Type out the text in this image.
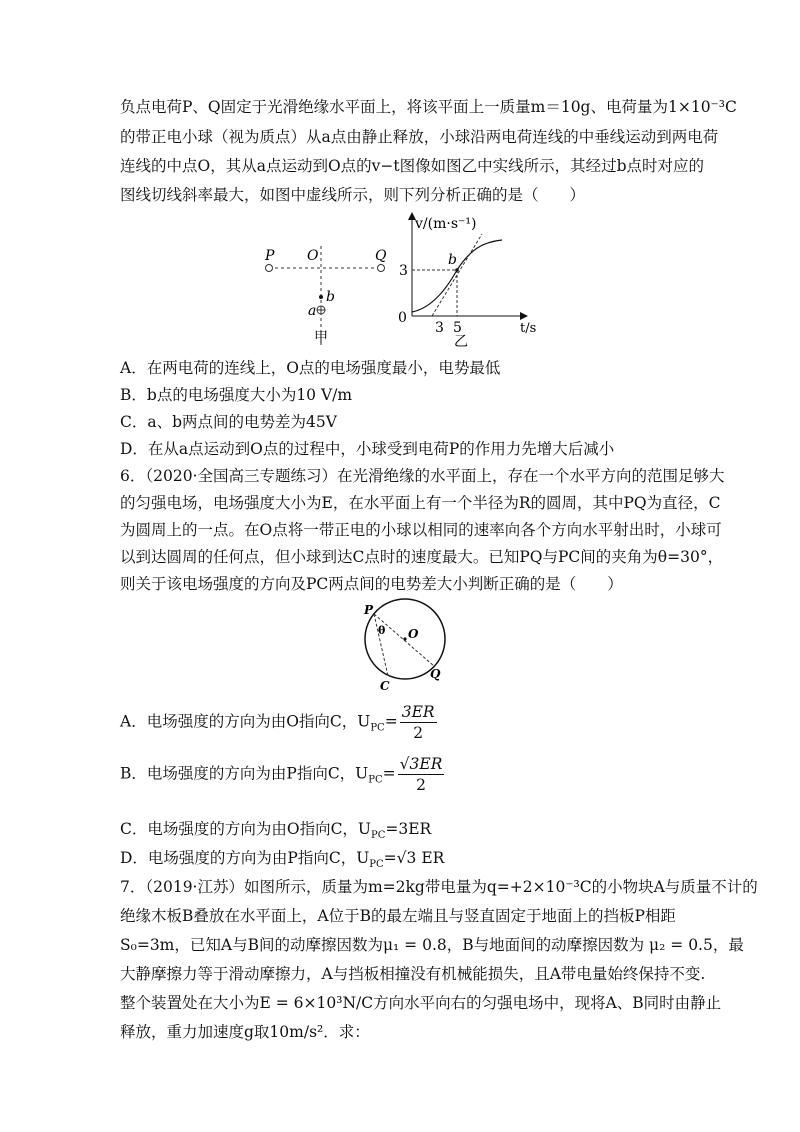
负点电荷P、Q固定于光滑绝缘水平面上，将该平面上一质量m＝10g、电荷量为1×10⁻³C
的带正电小球（视为质点）从a点由静止释放，小球沿两电荷连线的中垂线运动到两电荷
连线的中点O，其从a点运动到O点的v−t图像如图乙中实线所示，其经过b点时对应的
图线切线斜率最大，如图中虚线所示，则下列分析正确的是（　　）
P O	Q
b
a
甲
v/(m·s⁻¹)
t/s
3
0
3 5
b
乙
A．在两电荷的连线上，O点的电场强度最小，电势最低
B．b点的电场强度大小为10 V/m
C．a、b两点间的电势差为45V
D．在从a点运动到O点的过程中，小球受到电荷P的作用力先增大后减小
6．（2020·全国高三专题练习）在光滑绝缘的水平面上，存在一个水平方向的范围足够大
的匀强电场，电场强度大小为E，在水平面上有一个半径为R的圆周，其中PQ为直径，C
为圆周上的一点。在O点将一带正电的小球以相同的速率向各个方向水平射出时，小球可
以到达圆周的任何点，但小球到达C点时的速度最大。已知PQ与PC间的夹角为θ=30°，
则关于该电场强度的方向及PC两点间的电势差大小判断正确的是（　　）
P
θ O
Q
C
A．电场强度的方向为由O指向C，$U_{PC}= \frac{3ER}{2}$
B．电场强度的方向为由P指向C，$U_{PC}= \frac{√3ER}{2}$
C．电场强度的方向为由O指向C，$U_{PC}=3ER$
D．电场强度的方向为由P指向C，$U_{PC}=√3$ ER
7．（2019·江苏）如图所示，质量为m=2kg带电量为q=+2×10⁻³C的小物块A与质量不计的
绝缘木板B叠放在水平面上，A位于B的最左端且与竖直固定于地面上的挡板P相距
S₀=3m，已知A与B间的动摩擦因数为μ₁ = 0.8，B与地面间的动摩擦因数为 μ₂ = 0.5，最
大静摩擦力等于滑动摩擦力，A与挡板相撞没有机械能损失，且A带电量始终保持不变.
整个装置处在大小为E = 6×10³N/C方向水平向右的匀强电场中，现将A、B同时由静止
释放，重力加速度g取10m/s²．求：
